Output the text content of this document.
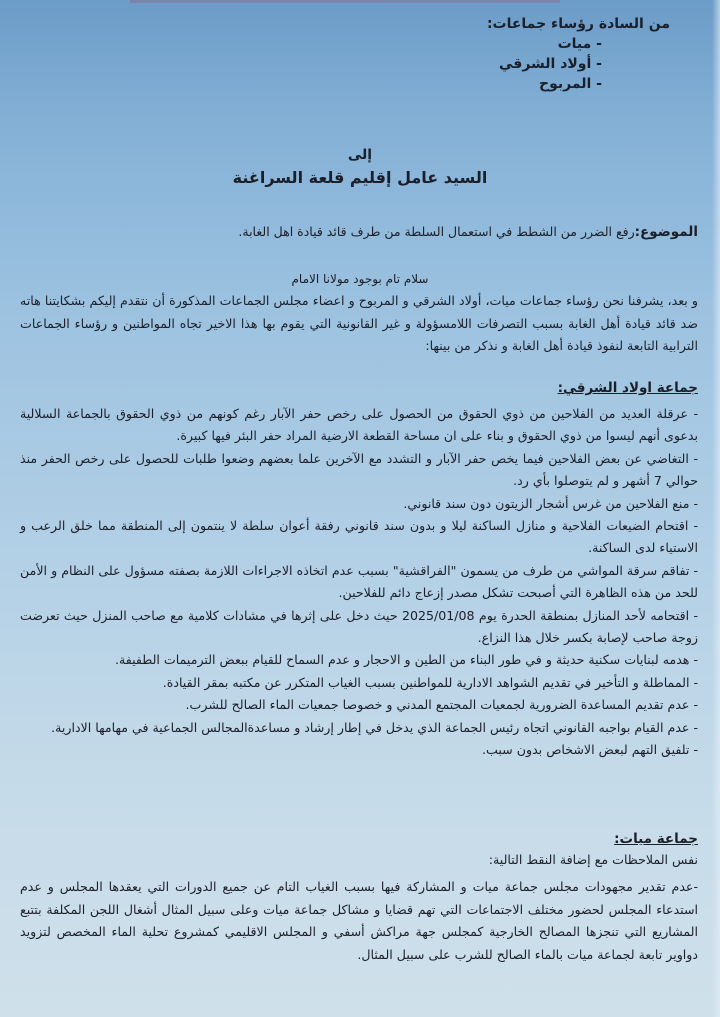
من السادة رؤساء جماعات:
- ميات
- أولاد الشرقي
- المربوح
إلى
السيد عامل إقليم قلعة السراغنة
الموضوع:رفع الضرر من الشطط في استعمال السلطة من طرف قائد قيادة اهل الغابة.
سلام تام بوجود مولانا الامام
و بعد، يشرفنا نحن رؤساء جماعات ميات، أولاد الشرقي و المربوح و اعضاء مجلس الجماعات المذكورة أن نتقدم إليكم بشكايتنا هاته ضد قائد قيادة أهل الغابة بسبب التصرفات اللامسؤولة و غير القانونية التي يقوم بها هذا الاخير تجاه المواطنين و رؤساء الجماعات الترابية التابعة لنفوذ قيادة أهل الغابة و نذكر من بينها:
جماعة اولاد الشرقي:
- عرقلة العديد من الفلاحين من ذوي الحقوق من الحصول على رخص حفر الآبار رغم كونهم من ذوي الحقوق بالجماعة السلالية بدعوى أنهم ليسوا من ذوي الحقوق و بناء على ان مساحة القطعة الارضية المراد حفر البئر فيها كبيرة.
- التغاضي عن بعض الفلاحين فيما يخص حفر الآبار و التشدد مع الآخرين علما بعضهم وضعوا طلبات للحصول على رخص الحفر منذ حوالي 7 أشهر و لم يتوصلوا بأي رد.
- منع الفلاحين من غرس أشجار الزيتون دون سند قانوني.
- اقتحام الضيعات الفلاحية و منازل الساكنة ليلا و بدون سند قانوني رفقة أعوان سلطة لا ينتمون إلى المنطقة مما خلق الرعب و الاستياء لدى الساكنة.
- تفاقم سرقة المواشي من طرف من يسمون "الفراقشية" بسبب عدم اتخاذه الاجراءات اللازمة بصفته مسؤول على النظام و الأمن للحد من هذه الظاهرة التي أصبحت تشكل مصدر إزعاج دائم للفلاحين.
- اقتحامه لأحد المنازل بمنطقة الحدرة يوم 2025/01/08 حيث دخل على إثرها في مشادات كلامية مع صاحب المنزل حيث تعرضت زوجة صاحب لإصابة بكسر خلال هذا النزاع.
- هدمه لبنايات سكنية حديثة و في طور البناء من الطين و الاحجار و عدم السماح للقيام ببعض الترميمات الطفيفة.
- المماطلة و التأخير في تقديم الشواهد الادارية للمواطنين بسبب الغياب المتكرر عن مكتبه بمقر القيادة.
- عدم تقديم المساعدة الضرورية لجمعيات المجتمع المدني و خصوصا جمعيات الماء الصالح للشرب.
- عدم القيام بواجبه القانوني اتجاه رئيس الجماعة الذي يدخل في إطار إرشاد و مساعدةالمجالس الجماعية في مهامها الادارية.
- تلفيق التهم لبعض الاشخاص بدون سبب.
جماعة ميات:
نفس الملاحظات مع إضافة النقط التالية:
-عدم تقدير مجهودات مجلس جماعة ميات و المشاركة فيها بسبب الغياب التام عن جميع الدورات التي يعقدها المجلس و عدم استدعاء المجلس لحضور مختلف الاجتماعات التي تهم قضايا و مشاكل جماعة ميات وعلى سبيل المثال أشغال اللجن المكلفة بتتبع المشاريع التي تنجزها المصالح الخارجية كمجلس جهة مراكش أسفي و المجلس الاقليمي كمشروع تحلية الماء المخصص لتزويد دواوير تابعة لجماعة ميات بالماء الصالح للشرب على سبيل المثال.
